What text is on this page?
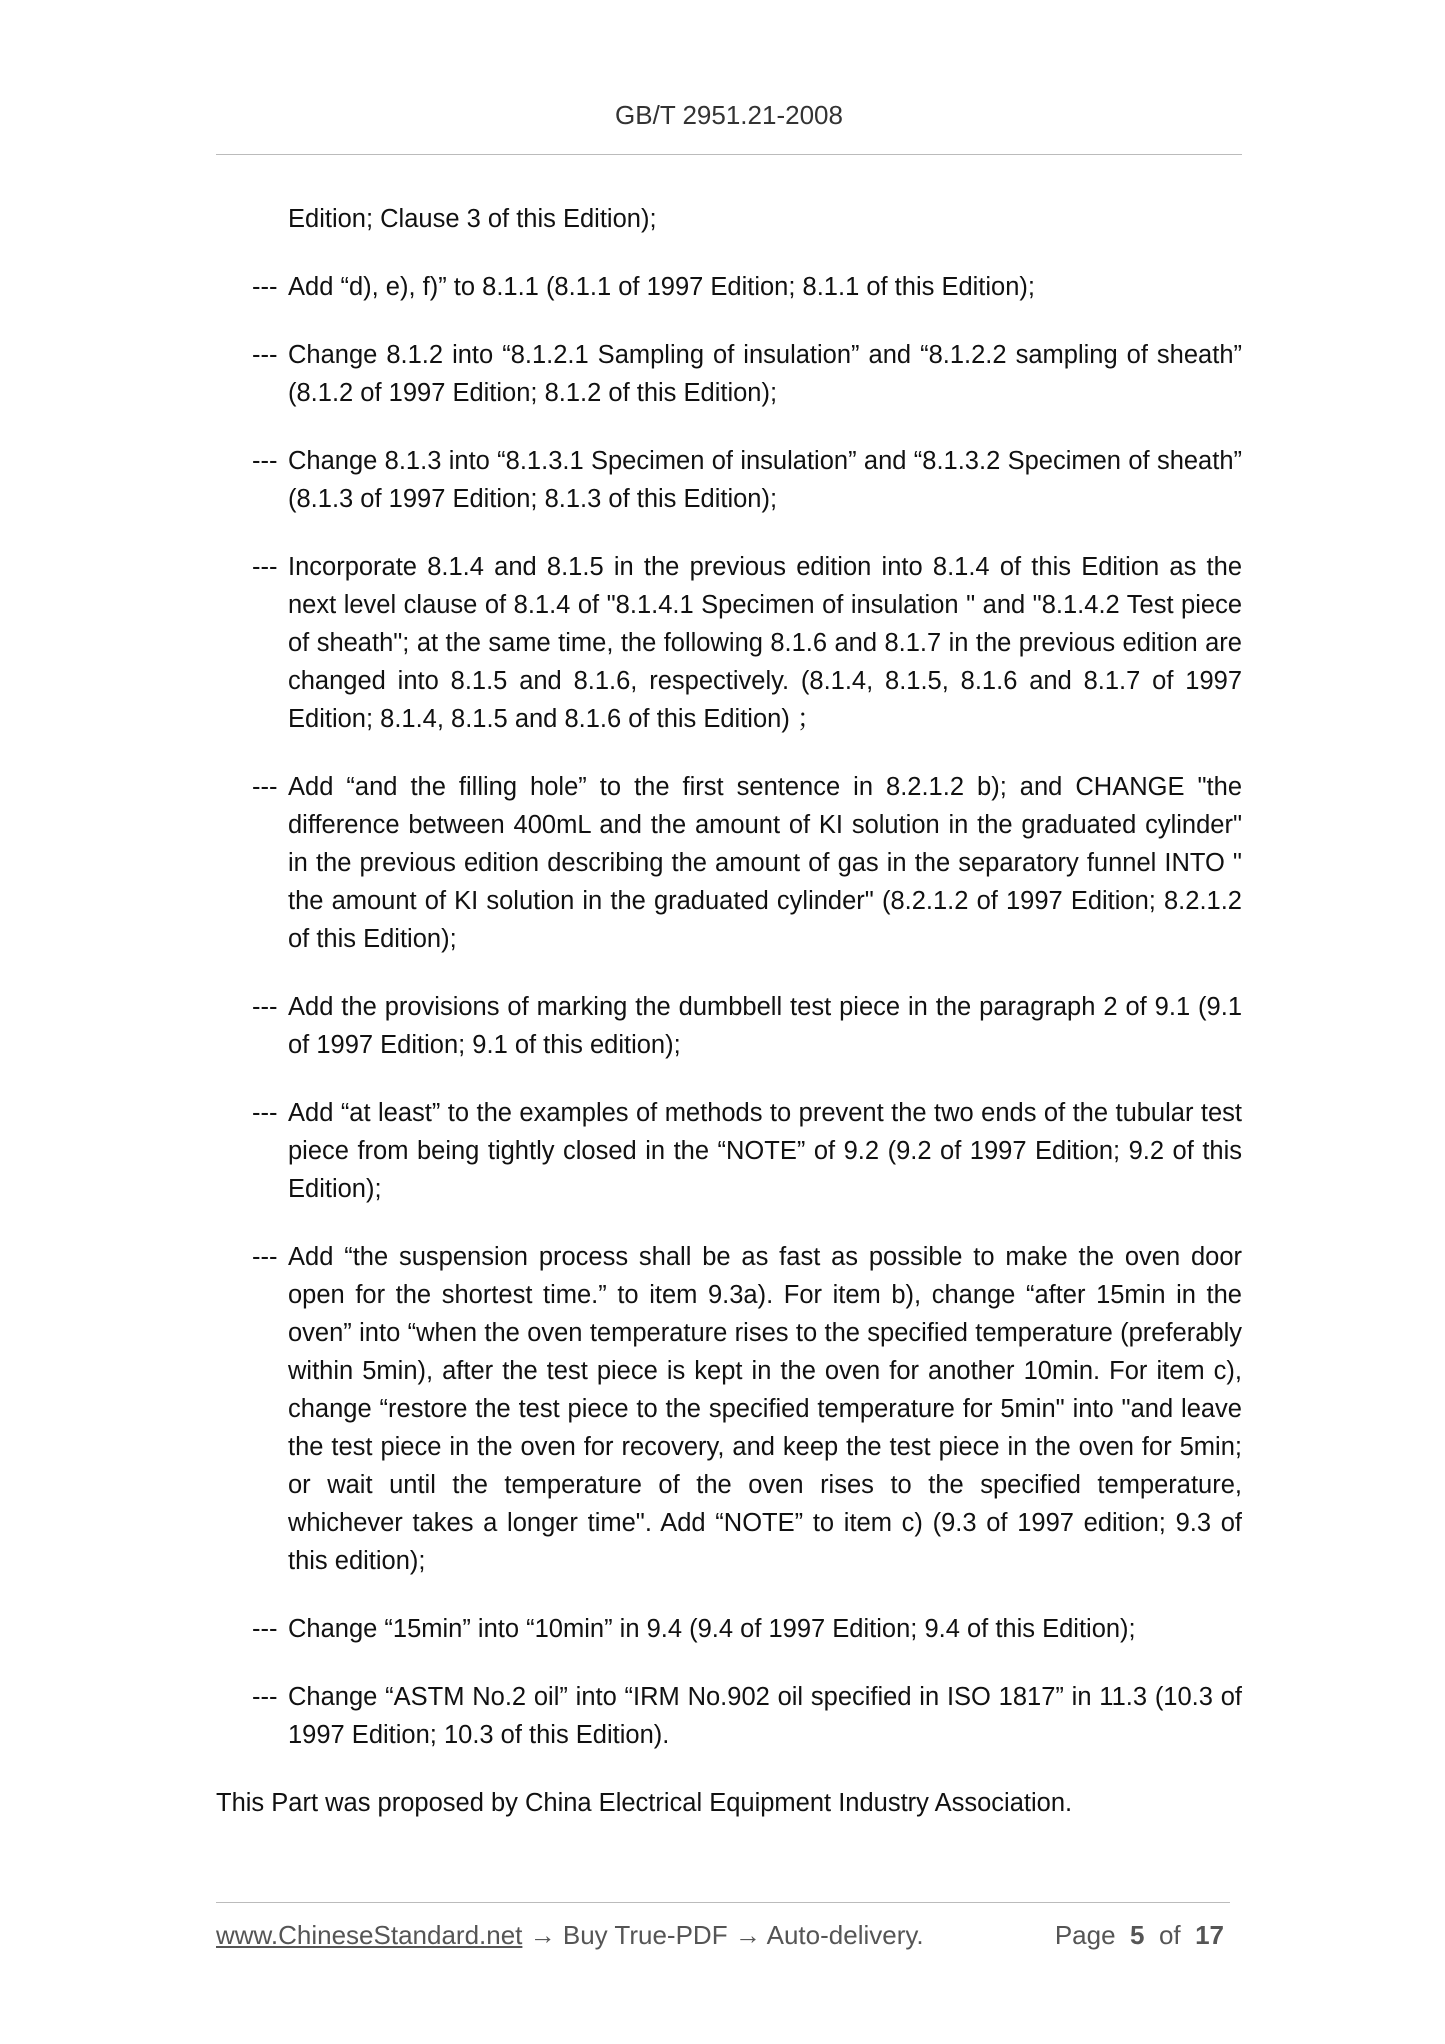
GB/T 2951.21-2008

Edition; Clause 3 of this Edition);

--- Add “d), e), f)” to 8.1.1 (8.1.1 of 1997 Edition; 8.1.1 of this Edition);
--- Change 8.1.2 into “8.1.2.1 Sampling of insulation” and “8.1.2.2 sampling of sheath” (8.1.2 of 1997 Edition; 8.1.2 of this Edition);
--- Change 8.1.3 into “8.1.3.1 Specimen of insulation” and “8.1.3.2 Specimen of sheath” (8.1.3 of 1997 Edition; 8.1.3 of this Edition);
--- Incorporate 8.1.4 and 8.1.5 in the previous edition into 8.1.4 of this Edition as the next level clause of 8.1.4 of "8.1.4.1 Specimen of insulation " and "8.1.4.2 Test piece of sheath"; at the same time, the following 8.1.6 and 8.1.7 in the previous edition are changed into 8.1.5 and 8.1.6, respectively. (8.1.4, 8.1.5, 8.1.6 and 8.1.7 of 1997 Edition; 8.1.4, 8.1.5 and 8.1.6 of this Edition) ；
--- Add “and the filling hole” to the first sentence in 8.2.1.2 b); and CHANGE "the difference between 400mL and the amount of KI solution in the graduated cylinder" in the previous edition describing the amount of gas in the separatory funnel INTO " the amount of KI solution in the graduated cylinder" (8.2.1.2 of 1997 Edition; 8.2.1.2 of this Edition);
--- Add the provisions of marking the dumbbell test piece in the paragraph 2 of 9.1 (9.1 of 1997 Edition; 9.1 of this edition);
--- Add “at least” to the examples of methods to prevent the two ends of the tubular test piece from being tightly closed in the “NOTE” of 9.2 (9.2 of 1997 Edition; 9.2 of this Edition);
--- Add “the suspension process shall be as fast as possible to make the oven door open for the shortest time.” to item 9.3a). For item b), change “after 15min in the oven” into “when the oven temperature rises to the specified temperature (preferably within 5min), after the test piece is kept in the oven for another 10min. For item c), change “restore the test piece to the specified temperature for 5min" into "and leave the test piece in the oven for recovery, and keep the test piece in the oven for 5min; or wait until the temperature of the oven rises to the specified temperature, whichever takes a longer time". Add “NOTE” to item c) (9.3 of 1997 edition; 9.3 of this edition);
--- Change “15min” into “10min” in 9.4 (9.4 of 1997 Edition; 9.4 of this Edition);
--- Change “ASTM No.2 oil” into “IRM No.902 oil specified in ISO 1817” in 11.3 (10.3 of 1997 Edition; 10.3 of this Edition).

This Part was proposed by China Electrical Equipment Industry Association.

www.ChineseStandard.net → Buy True-PDF → Auto-delivery.	Page 5 of 17
